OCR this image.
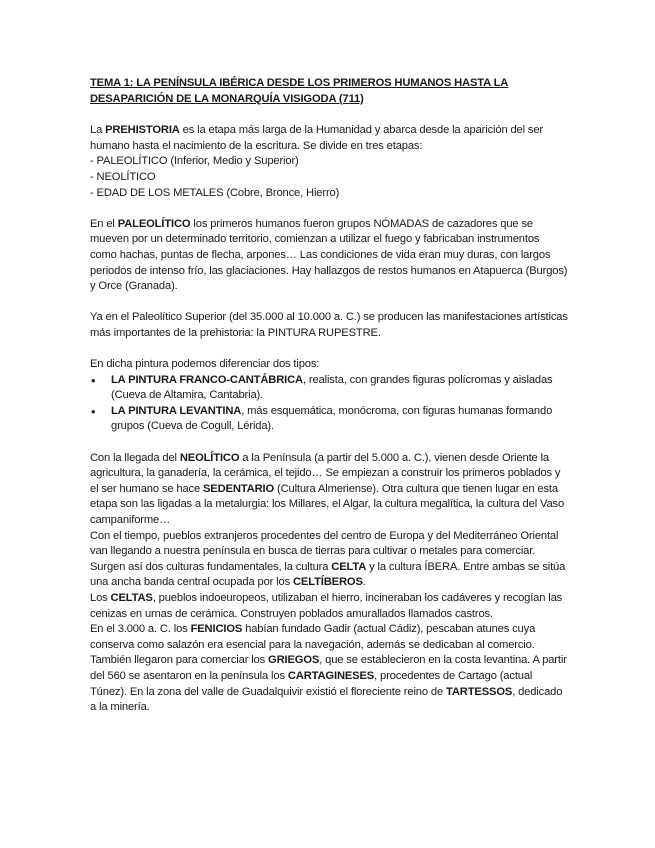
TEMA 1: LA PENÍNSULA IBÉRICA DESDE LOS PRIMEROS HUMANOS HASTA LA DESAPARICIÓN DE LA MONARQUÍA VISIGODA (711)

La PREHISTORIA es la etapa más larga de la Humanidad y abarca desde la aparición del ser humano hasta el nacimiento de la escritura. Se divide en tres etapas:

- PALEOLÍTICO (Inferior, Medio y Superior)

- NEOLÍTICO

- EDAD DE LOS METALES (Cobre, Bronce, Hierro)

En el PALEOLÍTICO los primeros humanos fueron grupos NÓMADAS de cazadores que se mueven por un determinado territorio, comienzan a utilizar el fuego y fabricaban instrumentos como hachas, puntas de flecha, arpones… Las condiciones de vida eran muy duras, con largos periodos de intenso frío, las glaciaciones. Hay hallazgos de restos humanos en Atapuerca (Burgos) y Orce (Granada).

Ya en el Paleolítico Superior (del 35.000 al 10.000 a. C.) se producen las manifestaciones artísticas más importantes de la prehistoria: la PINTURA RUPESTRE.

En dicha pintura podemos diferenciar dos tipos:

• LA PINTURA FRANCO-CANTÁBRICA, realista, con grandes figuras polícromas y aisladas (Cueva de Altamira, Cantabria).
• LA PINTURA LEVANTINA, más esquemática, monócroma, con figuras humanas formando grupos (Cueva de Cogull, Lérida).

Con la llegada del NEOLÍTICO a la Península (a partir del 5.000 a. C.), vienen desde Oriente la agricultura, la ganadería, la cerámica, el tejido… Se empiezan a construir los primeros poblados y el ser humano se hace SEDENTARIO (Cultura Almeriense). Otra cultura que tienen lugar en esta etapa son las ligadas a la metalurgia: los Millares, el Algar, la cultura megalítica, la cultura del Vaso campaniforme…

Con el tiempo, pueblos extranjeros procedentes del centro de Europa y del Mediterráneo Oriental van llegando a nuestra península en busca de tierras para cultivar o metales para comerciar. Surgen así dos culturas fundamentales, la cultura CELTA y la cultura ÍBERA. Entre ambas se sitúa una ancha banda central ocupada por los CELTÍBEROS.

Los CELTAS, pueblos indoeuropeos, utilizaban el hierro, incineraban los cadáveres y recogían las cenizas en urnas de cerámica. Construyen poblados amurallados llamados castros.

En el 3.000 a. C. los FENICIOS habían fundado Gadir (actual Cádiz), pescaban atunes cuya conserva como salazón era esencial para la navegación, además se dedicaban al comercio. También llegaron para comerciar los GRIEGOS, que se establecieron en la costa levantina. A partir del 560 se asentaron en la península los CARTAGINESES, procedentes de Cartago (actual Túnez). En la zona del valle de Guadalquivir existió el floreciente reino de TARTESSOS, dedicado a la minería.
